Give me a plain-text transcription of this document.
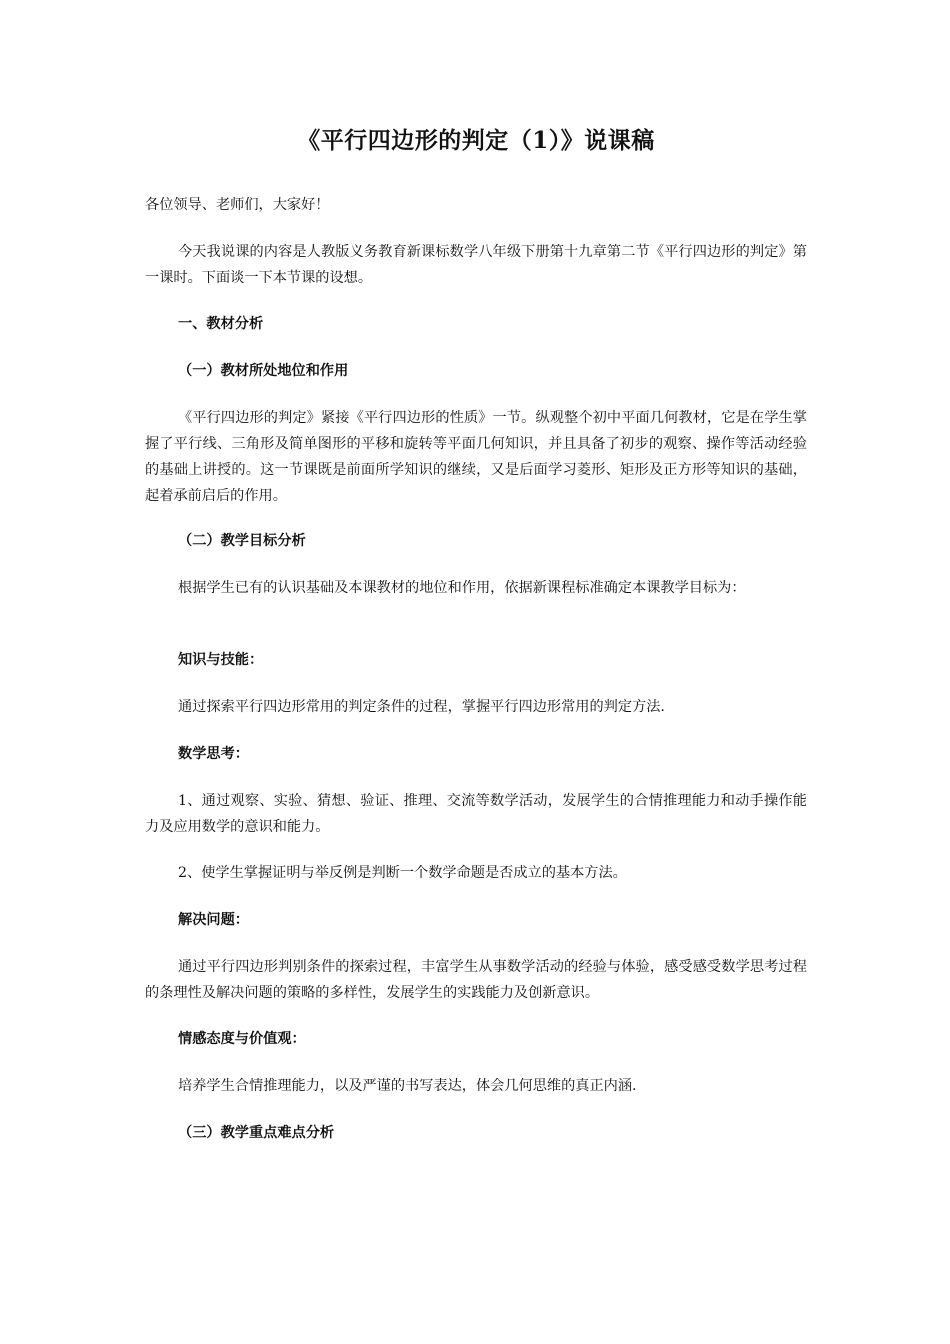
《平行四边形的判定（1）》说课稿

各位领导、老师们，大家好！

今天我说课的内容是人教版义务教育新课标数学八年级下册第十九章第二节《平行四边形的判定》第一课时。下面谈一下本节课的设想。

一、教材分析

（一）教材所处地位和作用

《平行四边形的判定》紧接《平行四边形的性质》一节。纵观整个初中平面几何教材，它是在学生掌握了平行线、三角形及简单图形的平移和旋转等平面几何知识，并且具备了初步的观察、操作等活动经验的基础上讲授的。这一节课既是前面所学知识的继续，又是后面学习菱形、矩形及正方形等知识的基础，起着承前启后的作用。

（二）教学目标分析

根据学生已有的认识基础及本课教材的地位和作用，依据新课程标准确定本课教学目标为：

知识与技能：

通过探索平行四边形常用的判定条件的过程，掌握平行四边形常用的判定方法.

数学思考：

1、通过观察、实验、猜想、验证、推理、交流等数学活动，发展学生的合情推理能力和动手操作能力及应用数学的意识和能力。

2、使学生掌握证明与举反例是判断一个数学命题是否成立的基本方法。

解决问题：

通过平行四边形判别条件的探索过程，丰富学生从事数学活动的经验与体验，感受感受数学思考过程的条理性及解决问题的策略的多样性，发展学生的实践能力及创新意识。

情感态度与价值观：

培养学生合情推理能力，以及严谨的书写表达，体会几何思维的真正内涵.

（三）教学重点难点分析
